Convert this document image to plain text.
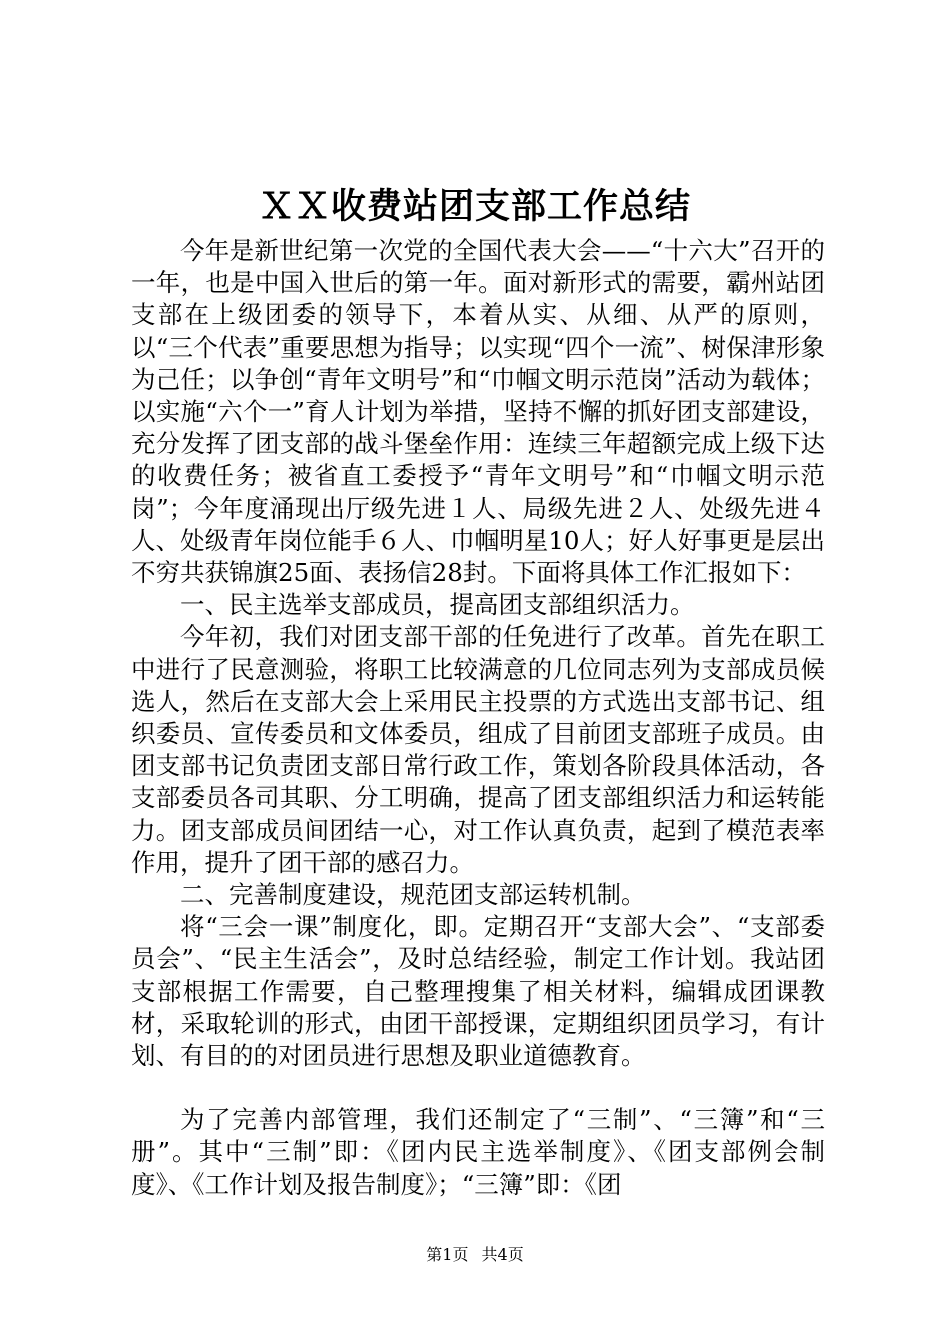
ＸＸ收费站团支部工作总结

今年是新世纪第一次党的全国代表大会——“十六大”召开的一年，也是中国入世后的第一年。面对新形式的需要，霸州站团支部在上级团委的领导下，本着从实、从细、从严的原则，以“三个代表”重要思想为指导；以实现“四个一流”、树保津形象为己任；以争创“青年文明号”和“巾帼文明示范岗”活动为载体；以实施“六个一”育人计划为举措，坚持不懈的抓好团支部建设，充分发挥了团支部的战斗堡垒作用：连续三年超额完成上级下达的收费任务；被省直工委授予“青年文明号”和“巾帼文明示范岗”；今年度涌现出厅级先进１人、局级先进２人、处级先进４人、处级青年岗位能手６人、巾帼明星10人；好人好事更是层出不穷共获锦旗25面、表扬信28封。下面将具体工作汇报如下：

一、民主选举支部成员，提高团支部组织活力。

今年初，我们对团支部干部的任免进行了改革。首先在职工中进行了民意测验，将职工比较满意的几位同志列为支部成员候选人，然后在支部大会上采用民主投票的方式选出支部书记、组织委员、宣传委员和文体委员，组成了目前团支部班子成员。由团支部书记负责团支部日常行政工作，策划各阶段具体活动，各支部委员各司其职、分工明确，提高了团支部组织活力和运转能力。团支部成员间团结一心，对工作认真负责，起到了模范表率作用，提升了团干部的感召力。

二、完善制度建设，规范团支部运转机制。

将“三会一课”制度化，即。定期召开“支部大会”、“支部委员会”、“民主生活会”，及时总结经验，制定工作计划。我站团支部根据工作需要，自己整理搜集了相关材料，编辑成团课教材，采取轮训的形式，由团干部授课，定期组织团员学习，有计划、有目的的对团员进行思想及职业道德教育。

为了完善内部管理，我们还制定了“三制”、“三簿”和“三册”。其中“三制”即：《团内民主选举制度》、《团支部例会制度》、《工作计划及报告制度》；“三簿”即：《团

第1页 共4页
